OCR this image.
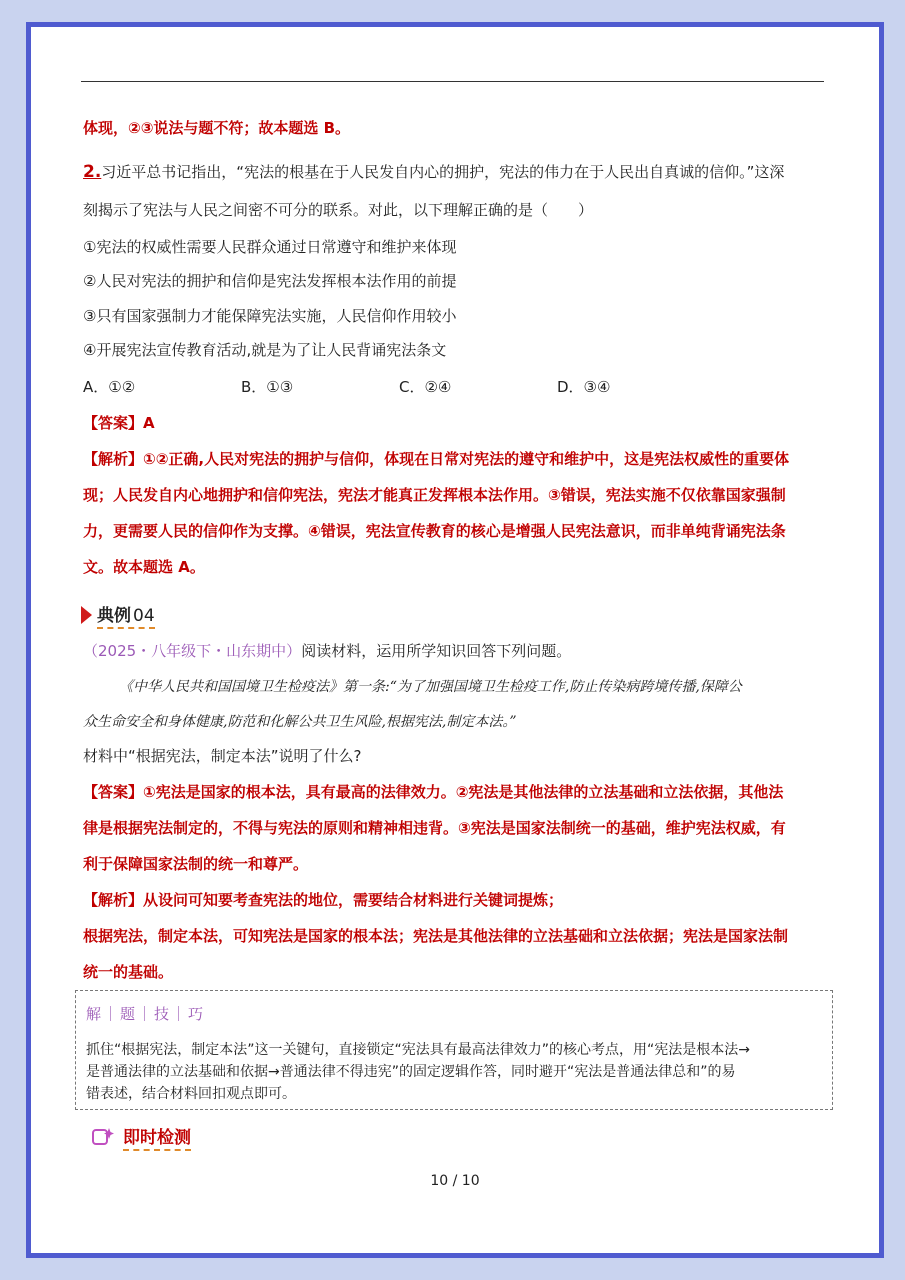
体现，②③说法与题不符；故本题选 B。
2.习近平总书记指出，“宪法的根基在于人民发自内心的拥护，宪法的伟力在于人民出自真诚的信仰。”这深
刻揭示了宪法与人民之间密不可分的联系。对此，以下理解正确的是（　　）
①宪法的权威性需要人民群众通过日常遵守和维护来体现
②人民对宪法的拥护和信仰是宪法发挥根本法作用的前提
③只有国家强制力才能保障宪法实施，人民信仰作用较小
④开展宪法宣传教育活动,就是为了让人民背诵宪法条文
A．①②	B．①③	C．②④	D．③④
【答案】A
【解析】①②正确,人民对宪法的拥护与信仰，体现在日常对宪法的遵守和维护中，这是宪法权威性的重要体
现；人民发自内心地拥护和信仰宪法，宪法才能真正发挥根本法作用。③错误，宪法实施不仅依靠国家强制
力，更需要人民的信仰作为支撑。④错误，宪法宣传教育的核心是增强人民宪法意识，而非单纯背诵宪法条
文。故本题选 A。
典例 04
（2025・八年级下・山东期中）阅读材料，运用所学知识回答下列问题。
《中华人民共和国国境卫生检疫法》第一条:“为了加强国境卫生检疫工作,防止传染病跨境传播,保障公
众生命安全和身体健康,防范和化解公共卫生风险,根据宪法,制定本法。”
材料中“根据宪法，制定本法”说明了什么?
【答案】①宪法是国家的根本法，具有最高的法律效力。②宪法是其他法律的立法基础和立法依据，其他法
律是根据宪法制定的，不得与宪法的原则和精神相违背。③宪法是国家法制统一的基础，维护宪法权威，有
利于保障国家法制的统一和尊严。
【解析】从设问可知要考查宪法的地位，需要结合材料进行关键词提炼；
根据宪法，制定本法，可知宪法是国家的根本法；宪法是其他法律的立法基础和立法依据；宪法是国家法制
统一的基础。
解｜题｜技｜巧
抓住“根据宪法，制定本法”这一关键句，直接锁定“宪法具有最高法律效力”的核心考点，用“宪法是根本法→
是普通法律的立法基础和依据→普通法律不得违宪”的固定逻辑作答，同时避开“宪法是普通法律总和”的易
错表述，结合材料回扣观点即可。
即时检测
10 / 10
